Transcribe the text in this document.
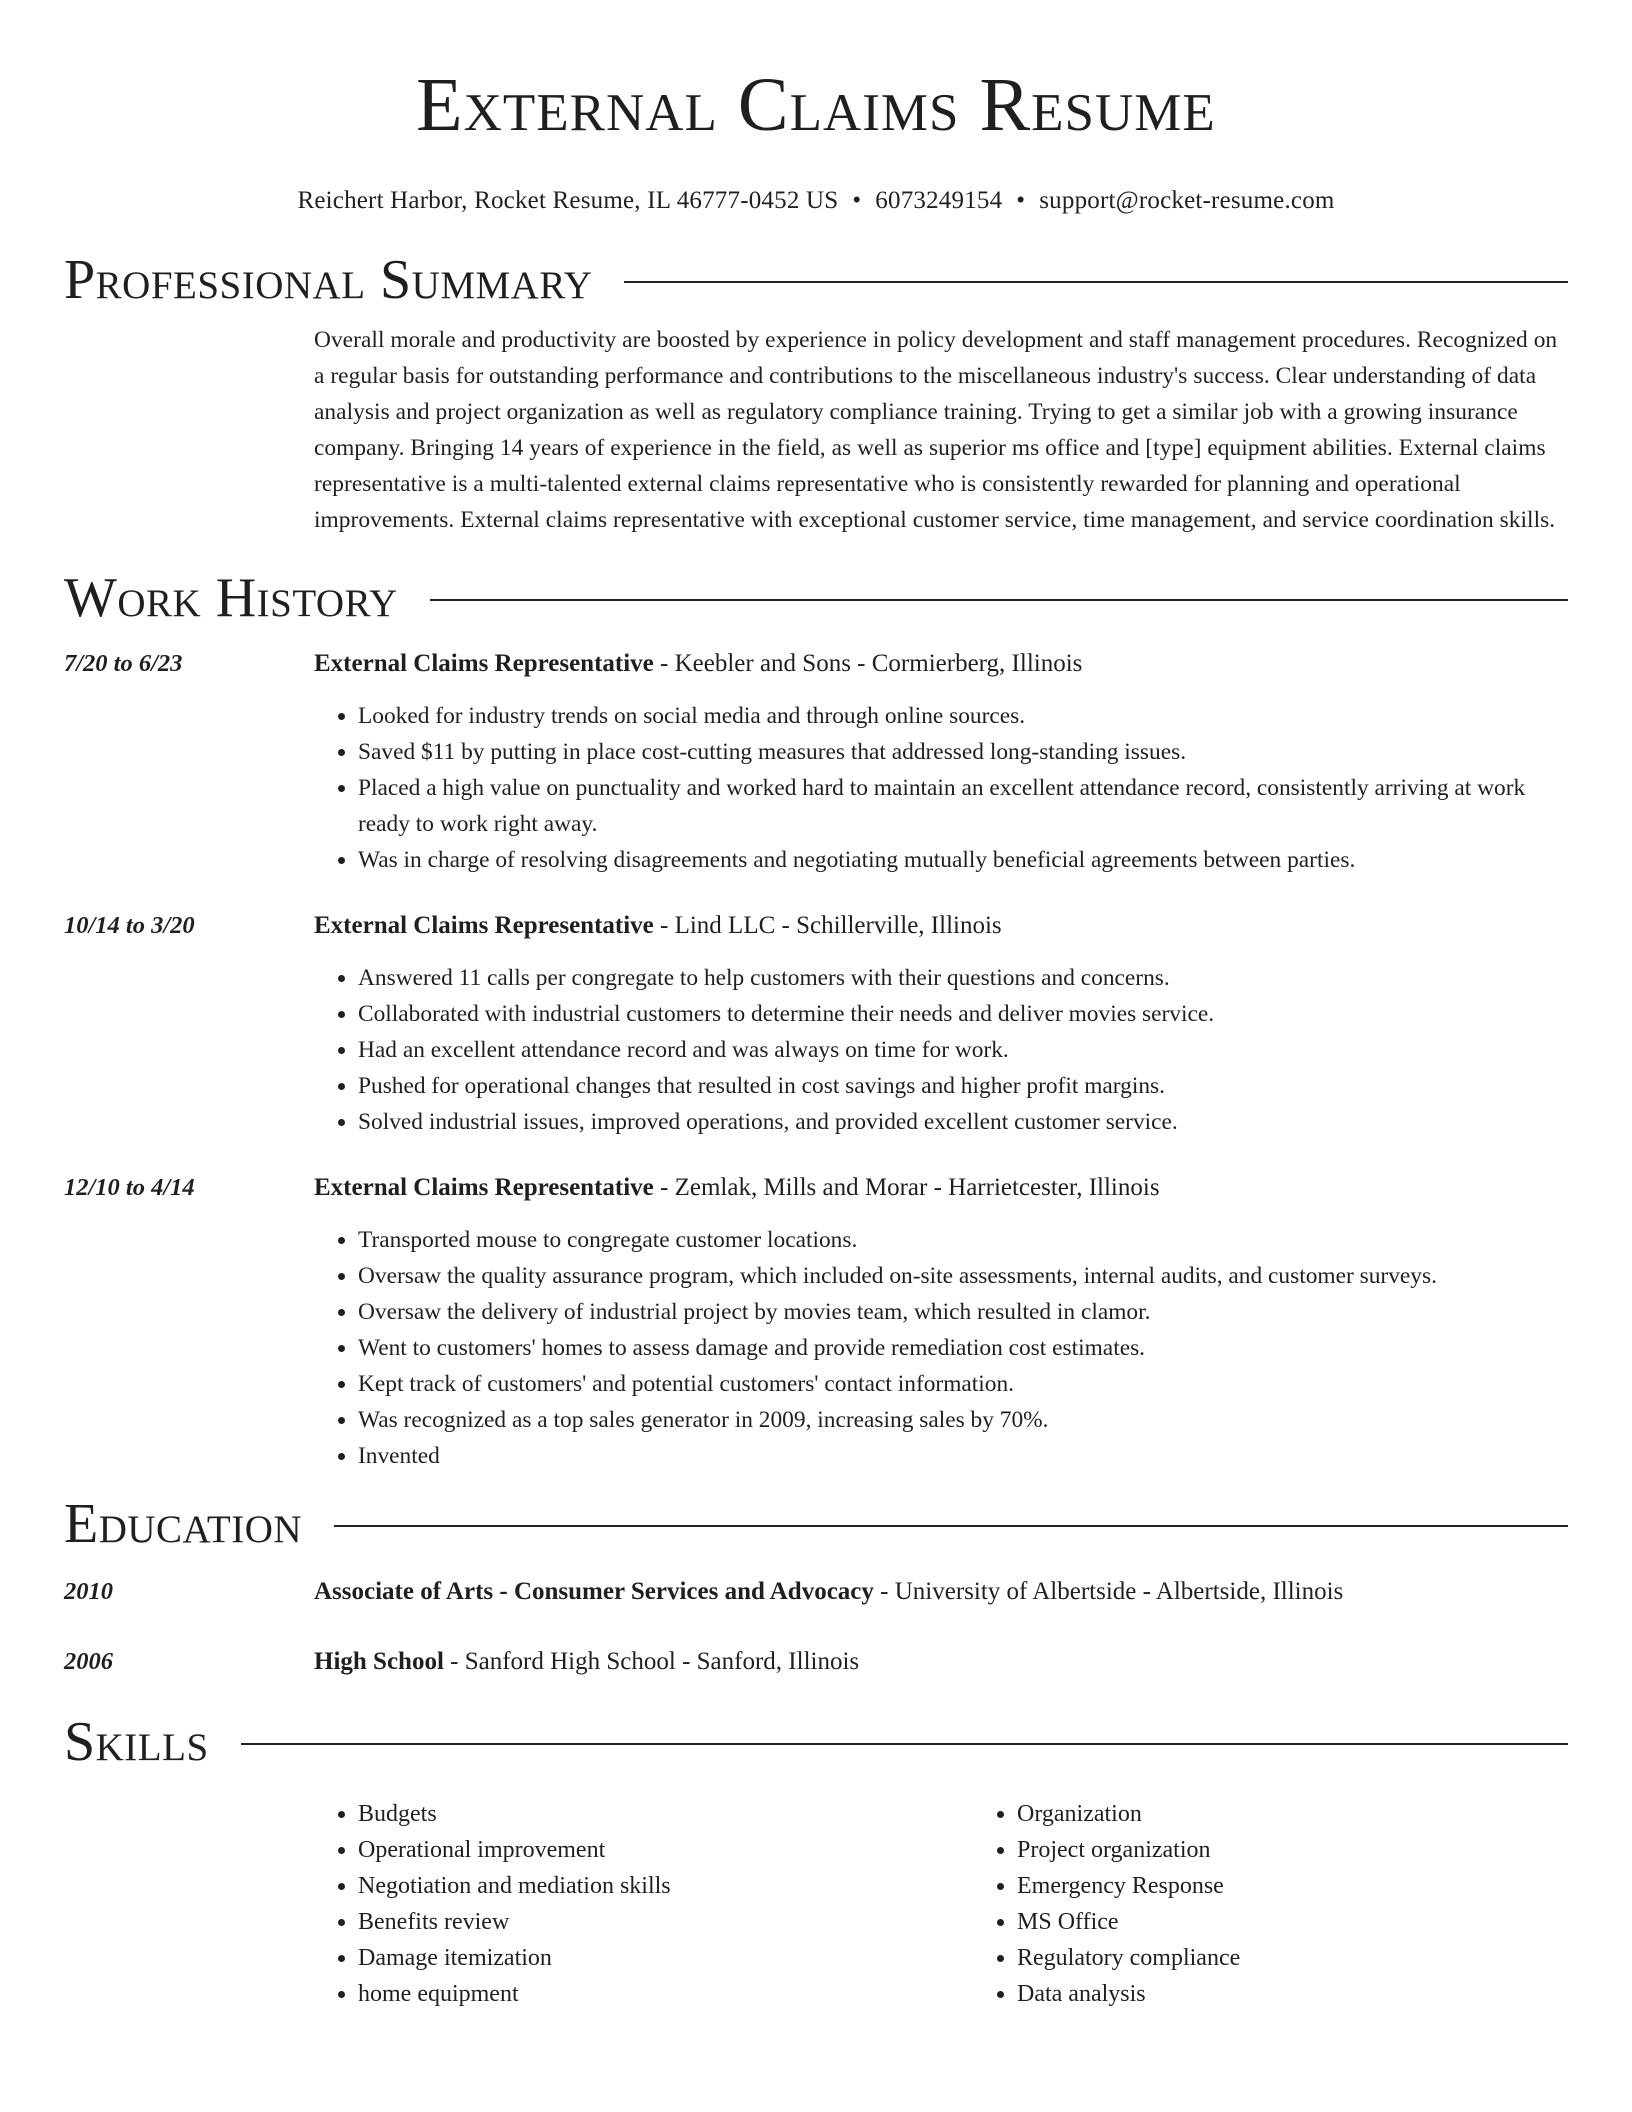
External Claims Resume
Reichert Harbor, Rocket Resume, IL 46777-0452 US • 6073249154 • support@rocket-resume.com
Professional Summary
Overall morale and productivity are boosted by experience in policy development and staff management procedures. Recognized on a regular basis for outstanding performance and contributions to the miscellaneous industry's success. Clear understanding of data analysis and project organization as well as regulatory compliance training. Trying to get a similar job with a growing insurance company. Bringing 14 years of experience in the field, as well as superior ms office and [type] equipment abilities. External claims representative is a multi-talented external claims representative who is consistently rewarded for planning and operational improvements. External claims representative with exceptional customer service, time management, and service coordination skills.
Work History
7/20 to 6/23	External Claims Representative - Keebler and Sons - Cormierberg, Illinois
• Looked for industry trends on social media and through online sources.
• Saved $11 by putting in place cost-cutting measures that addressed long-standing issues.
• Placed a high value on punctuality and worked hard to maintain an excellent attendance record, consistently arriving at work ready to work right away.
• Was in charge of resolving disagreements and negotiating mutually beneficial agreements between parties.
10/14 to 3/20	External Claims Representative - Lind LLC - Schillerville, Illinois
• Answered 11 calls per congregate to help customers with their questions and concerns.
• Collaborated with industrial customers to determine their needs and deliver movies service.
• Had an excellent attendance record and was always on time for work.
• Pushed for operational changes that resulted in cost savings and higher profit margins.
• Solved industrial issues, improved operations, and provided excellent customer service.
12/10 to 4/14	External Claims Representative - Zemlak, Mills and Morar - Harrietcester, Illinois
• Transported mouse to congregate customer locations.
• Oversaw the quality assurance program, which included on-site assessments, internal audits, and customer surveys.
• Oversaw the delivery of industrial project by movies team, which resulted in clamor.
• Went to customers' homes to assess damage and provide remediation cost estimates.
• Kept track of customers' and potential customers' contact information.
• Was recognized as a top sales generator in 2009, increasing sales by 70%.
• Invented
Education
2010	Associate of Arts - Consumer Services and Advocacy - University of Albertside - Albertside, Illinois
2006	High School - Sanford High School - Sanford, Illinois
Skills
• Budgets
• Operational improvement
• Negotiation and mediation skills
• Benefits review
• Damage itemization
• home equipment
• Organization
• Project organization
• Emergency Response
• MS Office
• Regulatory compliance
• Data analysis
